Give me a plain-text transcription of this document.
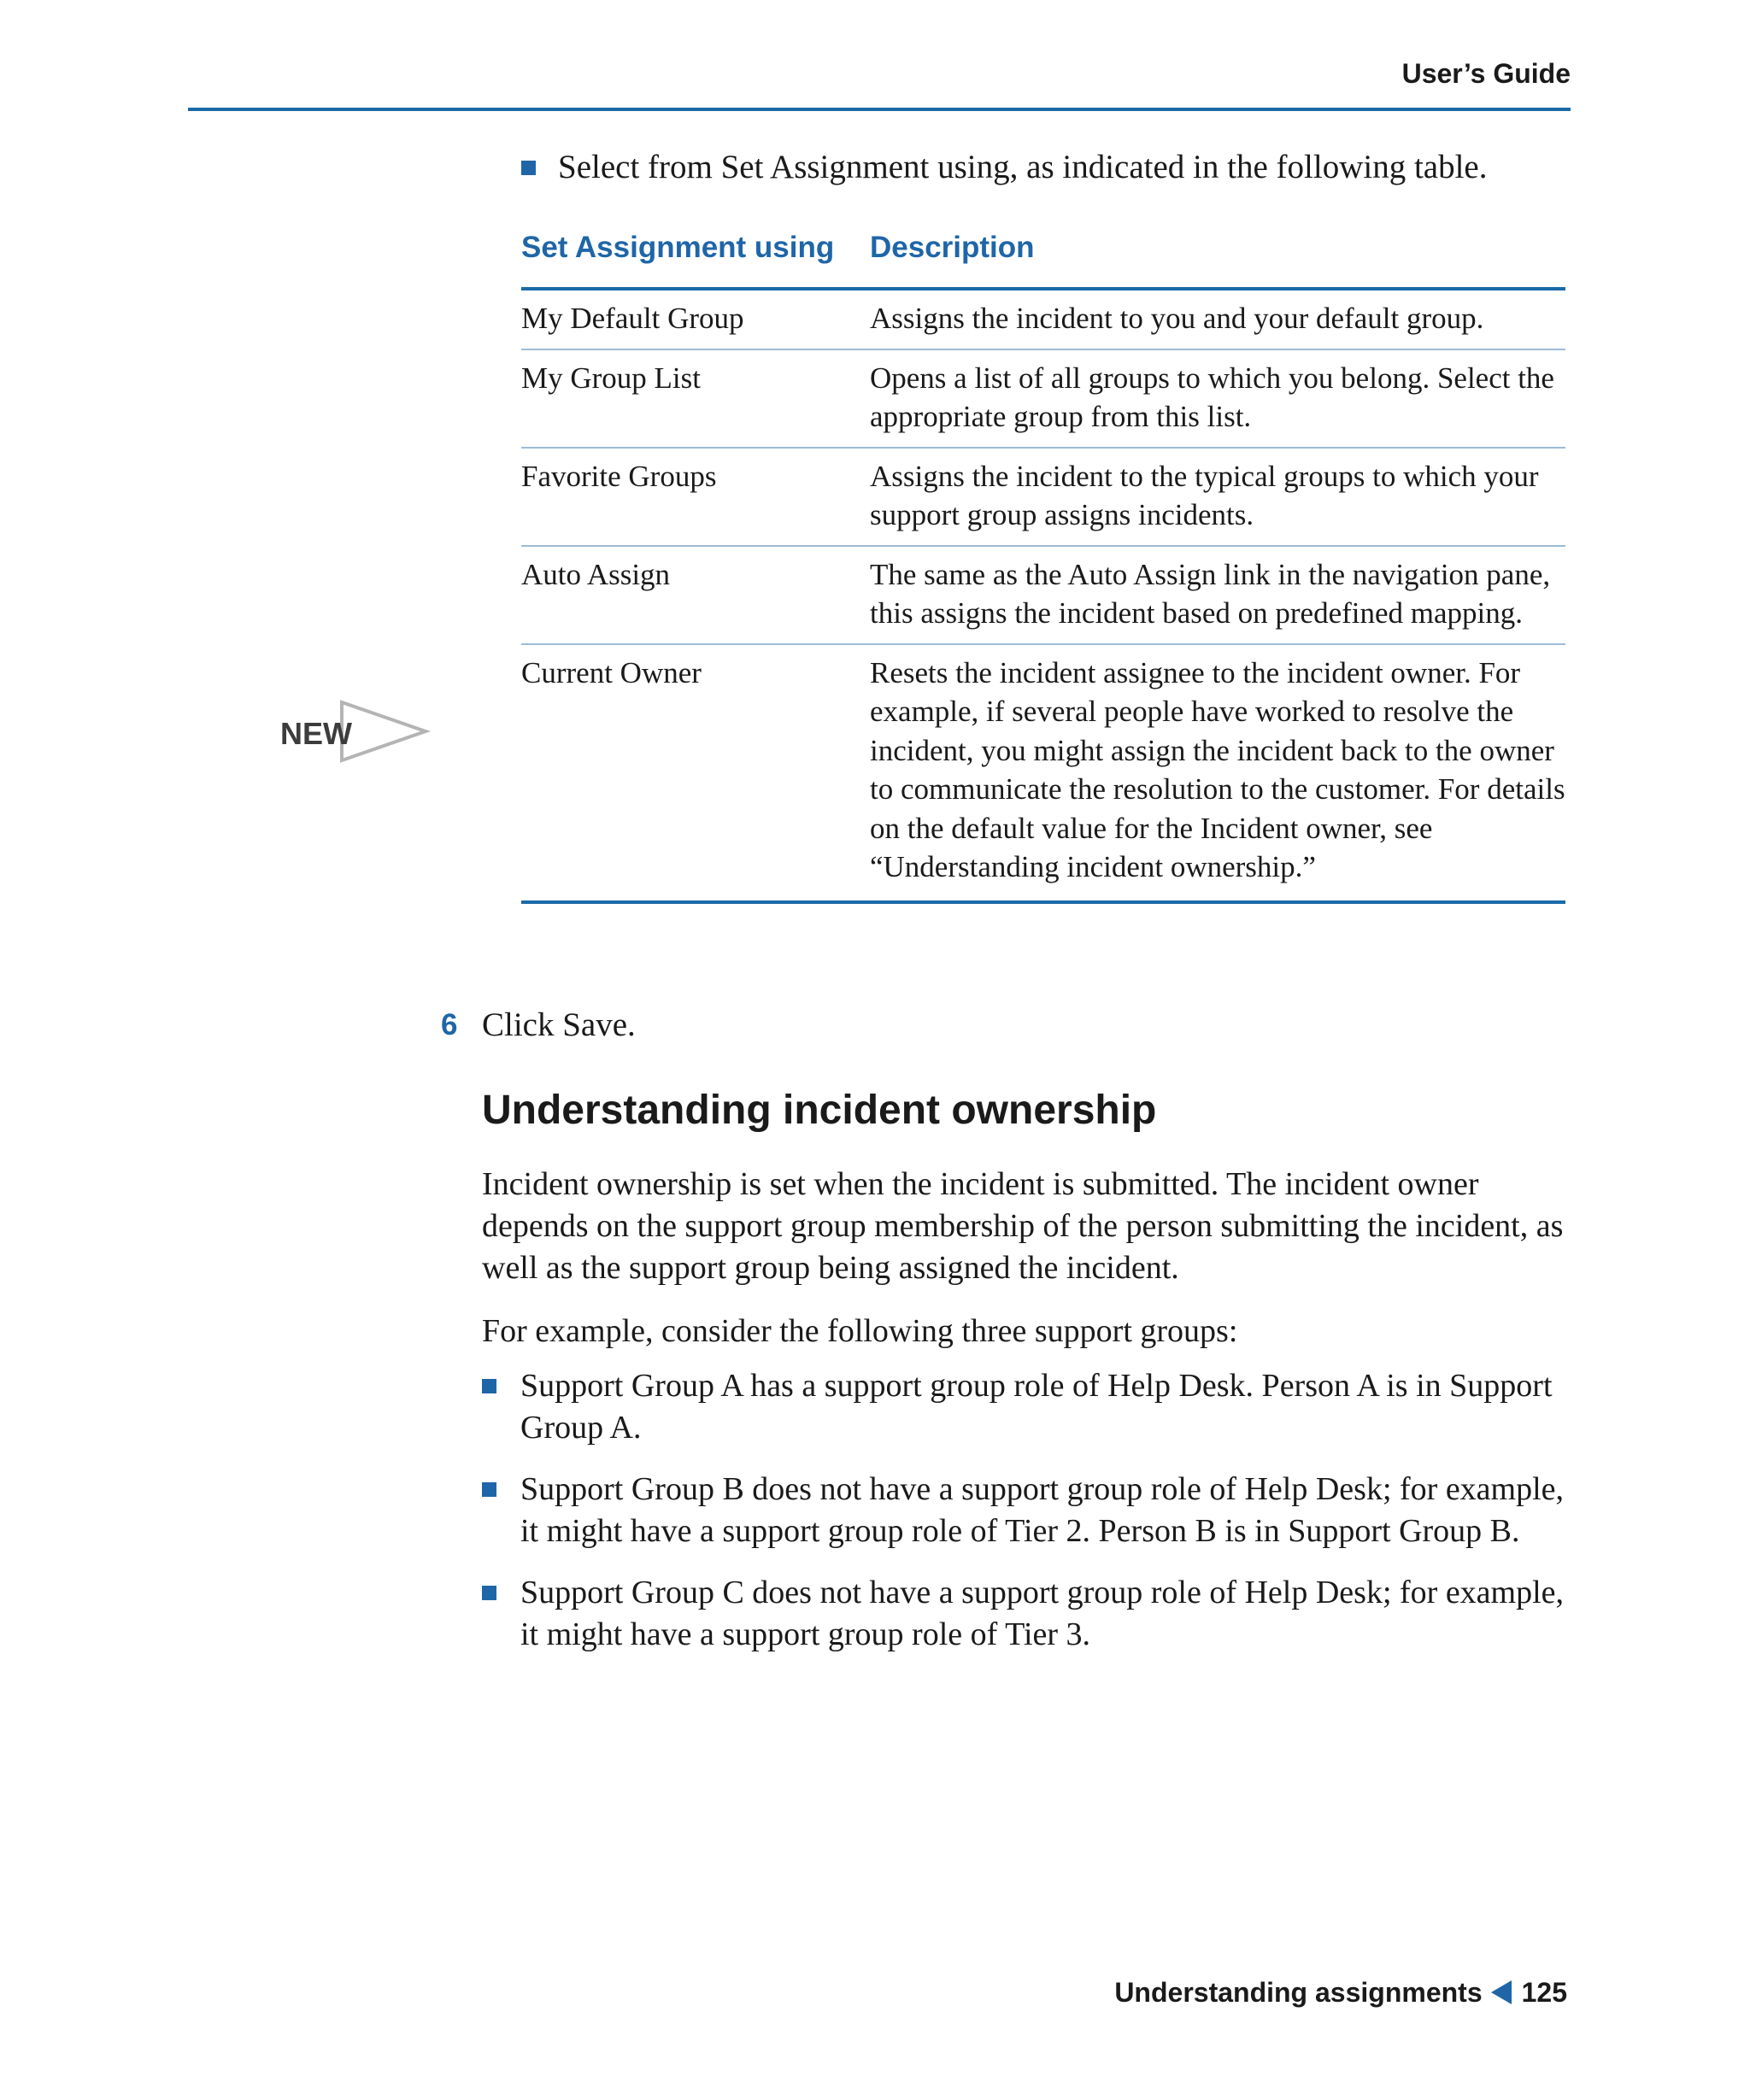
User’s Guide
Select from Set Assignment using, as indicated in the following table.
Set Assignment using	Description
My Default Group	Assigns the incident to you and your default group.
My Group List	Opens a list of all groups to which you belong. Select the appropriate group from this list.
Favorite Groups	Assigns the incident to the typical groups to which your support group assigns incidents.
Auto Assign	The same as the Auto Assign link in the navigation pane, this assigns the incident based on predefined mapping.
Current Owner	Resets the incident assignee to the incident owner. For example, if several people have worked to resolve the incident, you might assign the incident back to the owner to communicate the resolution to the customer. For details on the default value for the Incident owner, see “Understanding incident ownership.”
NEW
6 Click Save.
Understanding incident ownership
Incident ownership is set when the incident is submitted. The incident owner depends on the support group membership of the person submitting the incident, as well as the support group being assigned the incident.
For example, consider the following three support groups:
Support Group A has a support group role of Help Desk. Person A is in Support Group A.
Support Group B does not have a support group role of Help Desk; for example, it might have a support group role of Tier 2. Person B is in Support Group B.
Support Group C does not have a support group role of Help Desk; for example, it might have a support group role of Tier 3.
Understanding assignments 125
